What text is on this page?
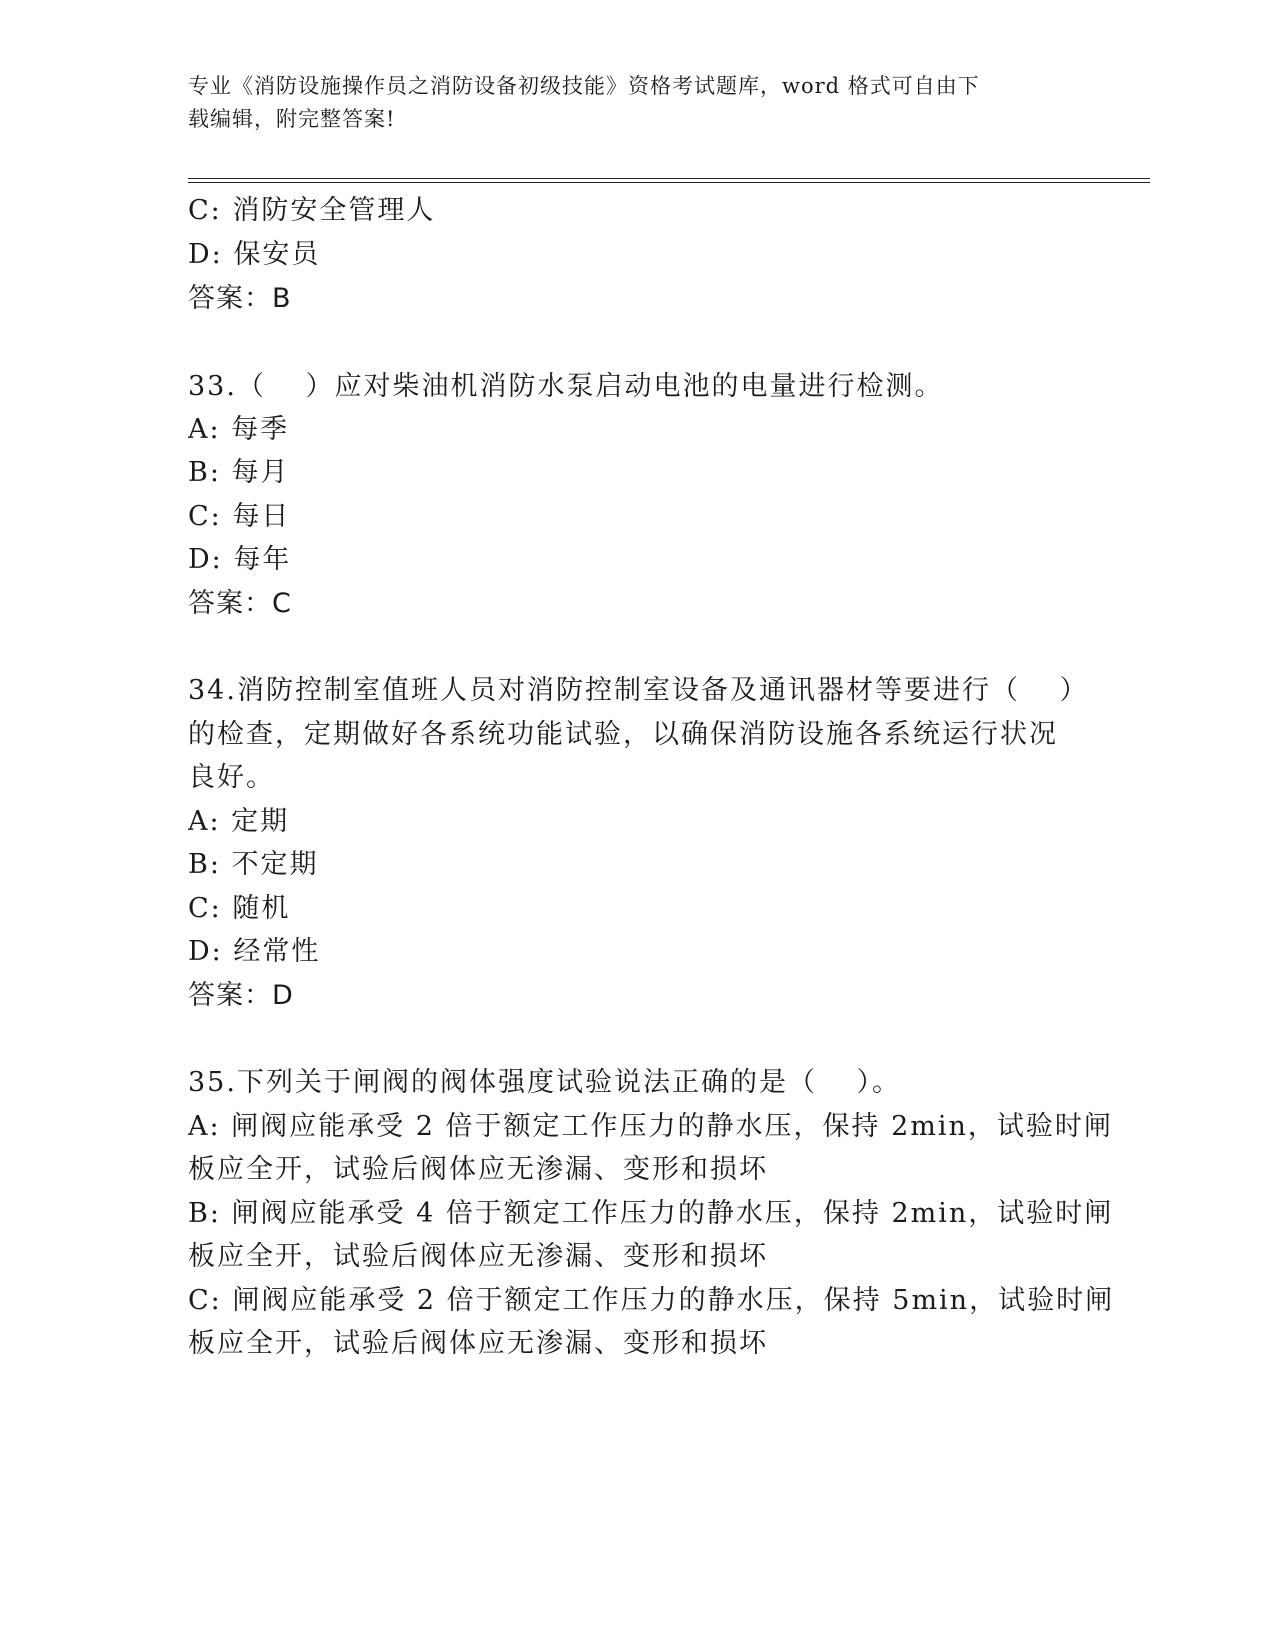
专业《消防设施操作员之消防设备初级技能》资格考试题库，word 格式可自由下
载编辑，附完整答案!
C: 消防安全管理人
D: 保安员
答案：B
33.（　 ）应对柴油机消防水泵启动电池的电量进行检测。
A: 每季
B: 每月
C: 每日
D: 每年
答案：C
34.消防控制室值班人员对消防控制室设备及通讯器材等要进行（　 ）
的检查，定期做好各系统功能试验，以确保消防设施各系统运行状况
良好。
A: 定期
B: 不定期
C: 随机
D: 经常性
答案：D
35.下列关于闸阀的阀体强度试验说法正确的是（　 ）。
A: 闸阀应能承受 2 倍于额定工作压力的静水压，保持 2min，试验时闸
板应全开，试验后阀体应无渗漏、变形和损坏
B: 闸阀应能承受 4 倍于额定工作压力的静水压，保持 2min，试验时闸
板应全开，试验后阀体应无渗漏、变形和损坏
C: 闸阀应能承受 2 倍于额定工作压力的静水压，保持 5min，试验时闸
板应全开，试验后阀体应无渗漏、变形和损坏
